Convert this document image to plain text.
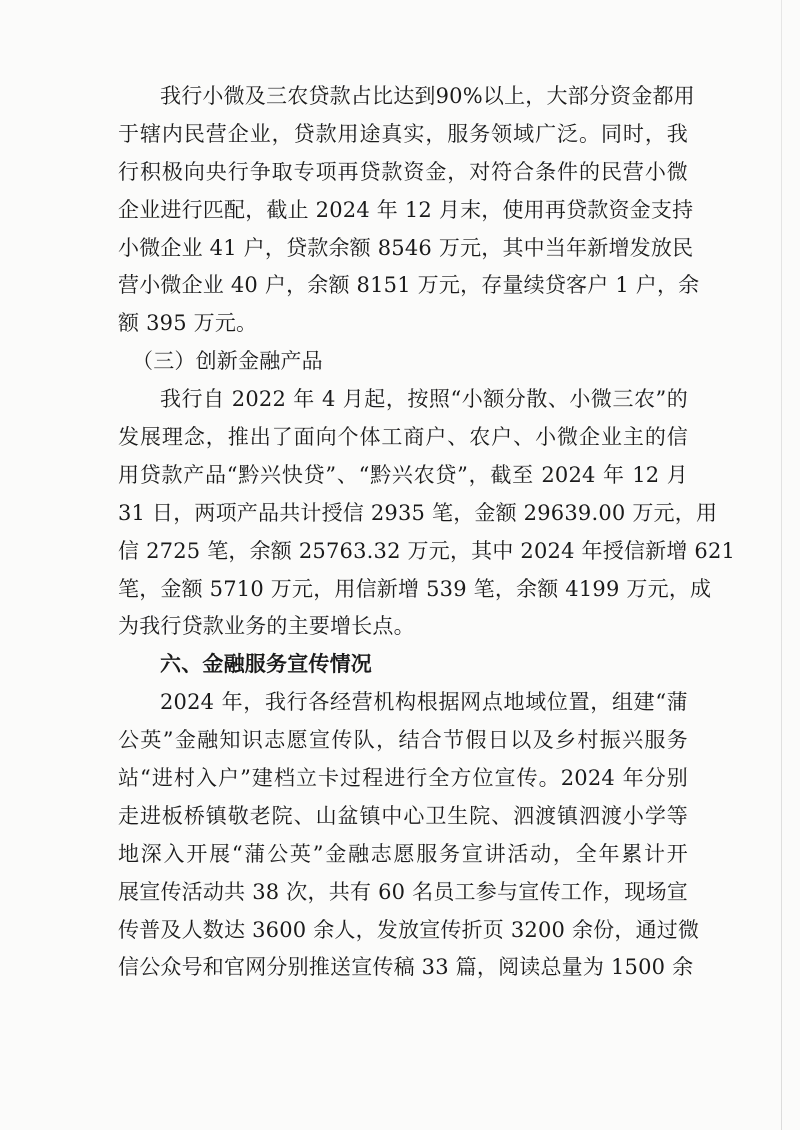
我行小微及三农贷款占比达到90%以上，大部分资金都用
于辖内民营企业，贷款用途真实，服务领域广泛。同时，我
行积极向央行争取专项再贷款资金，对符合条件的民营小微
企业进行匹配，截止 2024 年 12 月末，使用再贷款资金支持
小微企业 41 户，贷款余额 8546 万元，其中当年新增发放民
营小微企业 40 户，余额 8151 万元，存量续贷客户 1 户，余
额 395 万元。
（三）创新金融产品
我行自 2022 年 4 月起，按照“小额分散、小微三农”的
发展理念，推出了面向个体工商户、农户、小微企业主的信
用贷款产品“黔兴快贷”、“黔兴农贷”，截至 2024 年 12 月
31 日，两项产品共计授信 2935 笔，金额 29639.00 万元，用
信 2725 笔，余额 25763.32 万元，其中 2024 年授信新增 621
笔，金额 5710 万元，用信新增 539 笔，余额 4199 万元，成
为我行贷款业务的主要增长点。
六、金融服务宣传情况
2024 年，我行各经营机构根据网点地域位置，组建“蒲
公英”金融知识志愿宣传队，结合节假日以及乡村振兴服务
站“进村入户”建档立卡过程进行全方位宣传。2024 年分别
走进板桥镇敬老院、山盆镇中心卫生院、泗渡镇泗渡小学等
地深入开展“蒲公英”金融志愿服务宣讲活动，全年累计开
展宣传活动共 38 次，共有 60 名员工参与宣传工作，现场宣
传普及人数达 3600 余人，发放宣传折页 3200 余份，通过微
信公众号和官网分别推送宣传稿 33 篇，阅读总量为 1500 余
